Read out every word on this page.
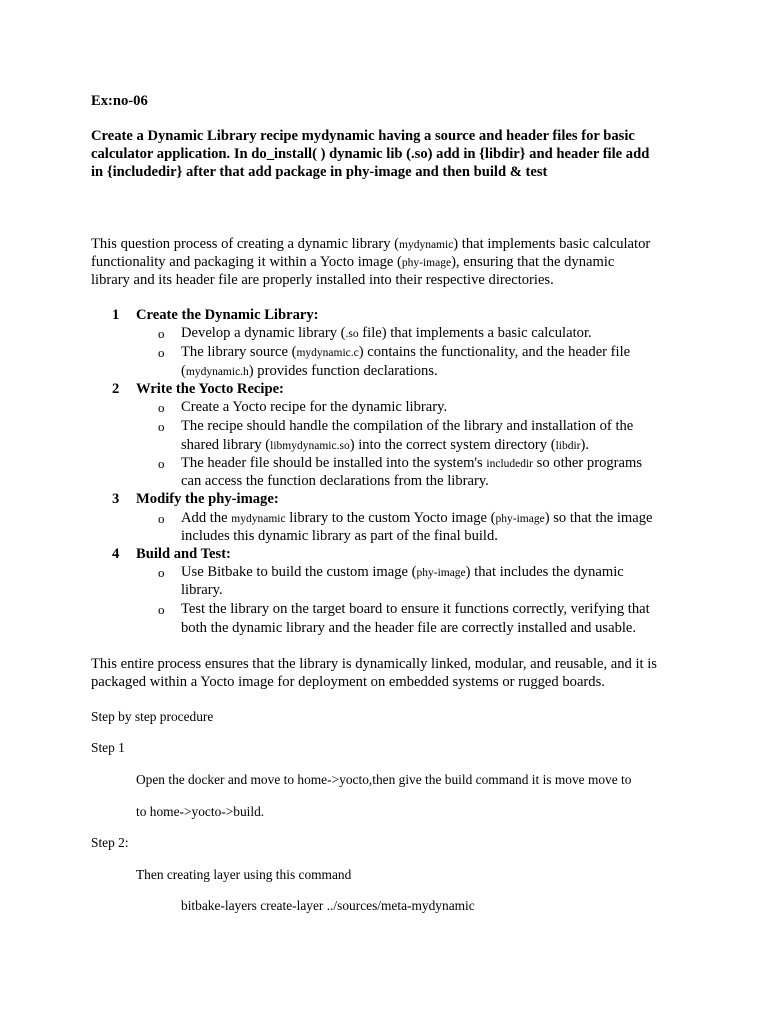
Ex:no-06
Create a Dynamic Library recipe mydynamic having a source and header files for basic
calculator application. In do_install( ) dynamic lib (.so) add in {libdir} and header file add
in {includedir} after that add package in phy-image and then build & test
This question process of creating a dynamic library (mydynamic) that implements basic calculator
functionality and packaging it within a Yocto image (phy-image), ensuring that the dynamic
library and its header file are properly installed into their respective directories.
1 Create the Dynamic Library:
o Develop a dynamic library (.so file) that implements a basic calculator.
o The library source (mydynamic.c) contains the functionality, and the header file
(mydynamic.h) provides function declarations.
2 Write the Yocto Recipe:
o Create a Yocto recipe for the dynamic library.
o The recipe should handle the compilation of the library and installation of the
shared library (libmydynamic.so) into the correct system directory (libdir).
o The header file should be installed into the system's includedir so other programs
can access the function declarations from the library.
3 Modify the phy-image:
o Add the mydynamic library to the custom Yocto image (phy-image) so that the image
includes this dynamic library as part of the final build.
4 Build and Test:
o Use Bitbake to build the custom image (phy-image) that includes the dynamic
library.
o Test the library on the target board to ensure it functions correctly, verifying that
both the dynamic library and the header file are correctly installed and usable.
This entire process ensures that the library is dynamically linked, modular, and reusable, and it is
packaged within a Yocto image for deployment on embedded systems or rugged boards.
Step by step procedure
Step 1
Open the docker and move to home->yocto,then give the build command it is move move to
to home->yocto->build.
Step 2:
Then creating layer using this command
bitbake-layers create-layer ../sources/meta-mydynamic
